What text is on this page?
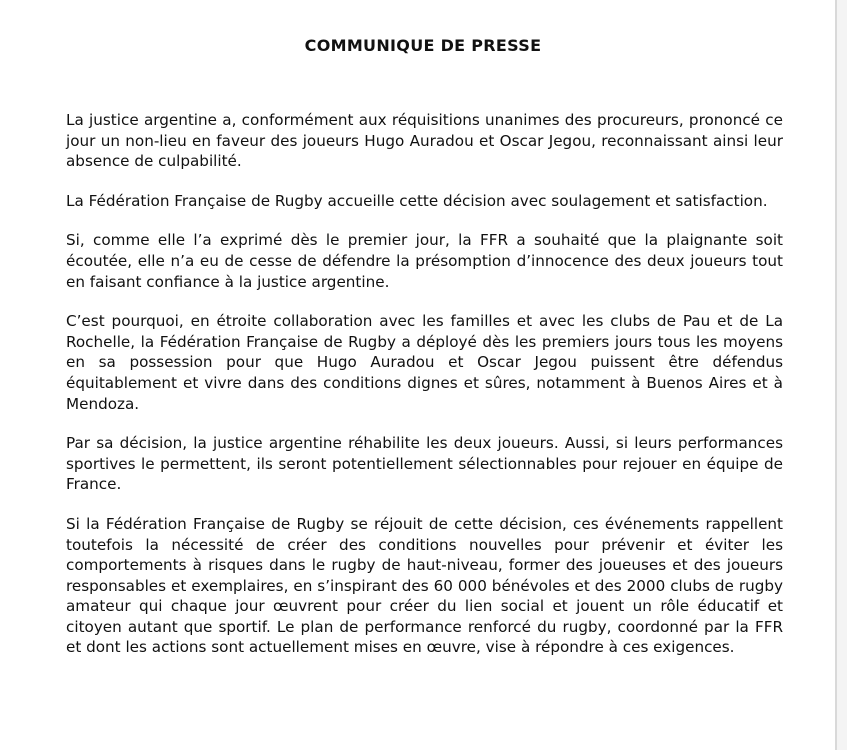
COMMUNIQUE DE PRESSE

La justice argentine a, conformément aux réquisitions unanimes des procureurs, prononcé ce jour un non-lieu en faveur des joueurs Hugo Auradou et Oscar Jegou, reconnaissant ainsi leur absence de culpabilité.

La Fédération Française de Rugby accueille cette décision avec soulagement et satisfaction.

Si, comme elle l’a exprimé dès le premier jour, la FFR a souhaité que la plaignante soit écoutée, elle n’a eu de cesse de défendre la présomption d’innocence des deux joueurs tout en faisant confiance à la justice argentine.

C’est pourquoi, en étroite collaboration avec les familles et avec les clubs de Pau et de La Rochelle, la Fédération Française de Rugby a déployé dès les premiers jours tous les moyens en sa possession pour que Hugo Auradou et Oscar Jegou puissent être défendus équitablement et vivre dans des conditions dignes et sûres, notamment à Buenos Aires et à Mendoza.

Par sa décision, la justice argentine réhabilite les deux joueurs. Aussi, si leurs performances sportives le permettent, ils seront potentiellement sélectionnables pour rejouer en équipe de France.

Si la Fédération Française de Rugby se réjouit de cette décision, ces événements rappellent toutefois la nécessité de créer des conditions nouvelles pour prévenir et éviter les comportements à risques dans le rugby de haut-niveau, former des joueuses et des joueurs responsables et exemplaires, en s’inspirant des 60 000 bénévoles et des 2000 clubs de rugby amateur qui chaque jour œuvrent pour créer du lien social et jouent un rôle éducatif et citoyen autant que sportif. Le plan de performance renforcé du rugby, coordonné par la FFR et dont les actions sont actuellement mises en œuvre, vise à répondre à ces exigences.
